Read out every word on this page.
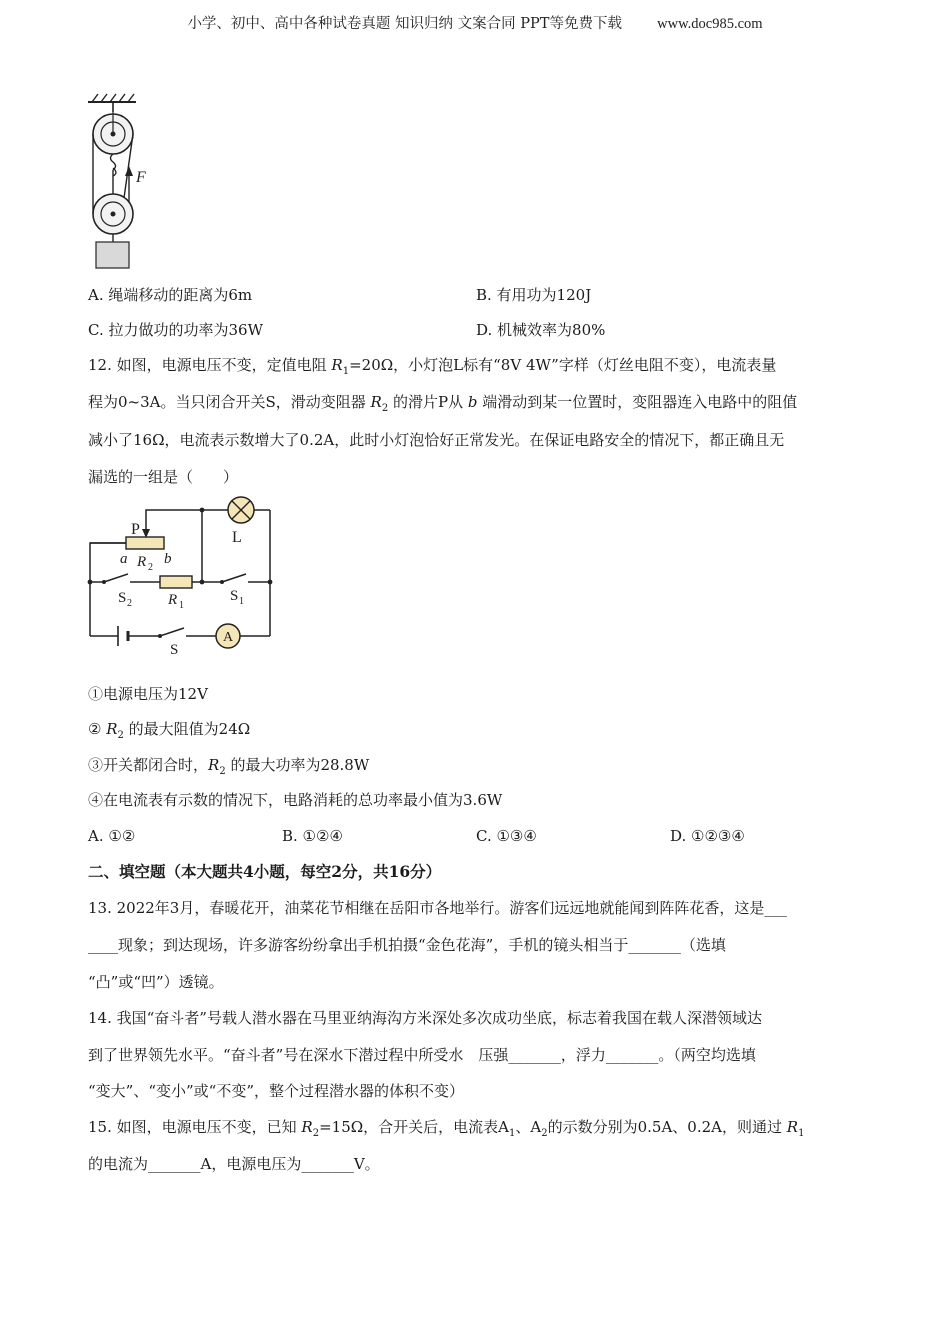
小学、初中、高中各种试卷真题 知识归纳 文案合同 PPT等免费下载 www.doc985.com
F
A. 绳端移动的距离为6m	B. 有用功为120J
C. 拉力做功的功率为36W	D. 机械效率为80%
12. 如图，电源电压不变，定值电阻 $R_1=20\Omega$，小灯泡L标有“8V 4W”字样（灯丝电阻不变），电流表量
程为0~3A。当只闭合开关S，滑动变阻器 $R_2$ 的滑片P从 b 端滑动到某一位置时，变阻器连入电路中的阻值
减小了16Ω，电流表示数增大了0.2A，此时小灯泡恰好正常发光。在保证电路安全的情况下，都正确且无
漏选的一组是（　　）
A
P	L
a R 2
b
R 1
S 2	S 1
S
①电源电压为12V
② $R_2$ 的最大阻值为24Ω
③开关都闭合时，$R_2$ 的最大功率为28.8W
④在电流表有示数的情况下，电路消耗的总功率最小值为3.6W
A. ①②	B. ①②④	C. ①③④	D. ①②③④
二、填空题（本大题共4小题，每空2分，共16分）
13. 2022年3月，春暖花开，油菜花节相继在岳阳市各地举行。游客们远远地就能闻到阵阵花香，这是___
____现象；到达现场，许多游客纷纷拿出手机拍摄“金色花海”，手机的镜头相当于_______（选填
“凸”或“凹”）透镜。
14. 我国“奋斗者”号载人潜水器在马里亚纳海沟方米深处多次成功坐底，标志着我国在载人深潜领域达
到了世界领先水平。“奋斗者”号在深水下潜过程中所受水　压强_______，浮力_______。（两空均选填
“变大”、“变小”或“不变”，整个过程潜水器的体积不变）
15. 如图，电源电压不变，已知 $R_2=15\Omega$，合开关后，电流表$A_1$、$A_2$的示数分别为0.5A、0.2A，则通过 $R_1$
的电流为_______A，电源电压为_______V。
